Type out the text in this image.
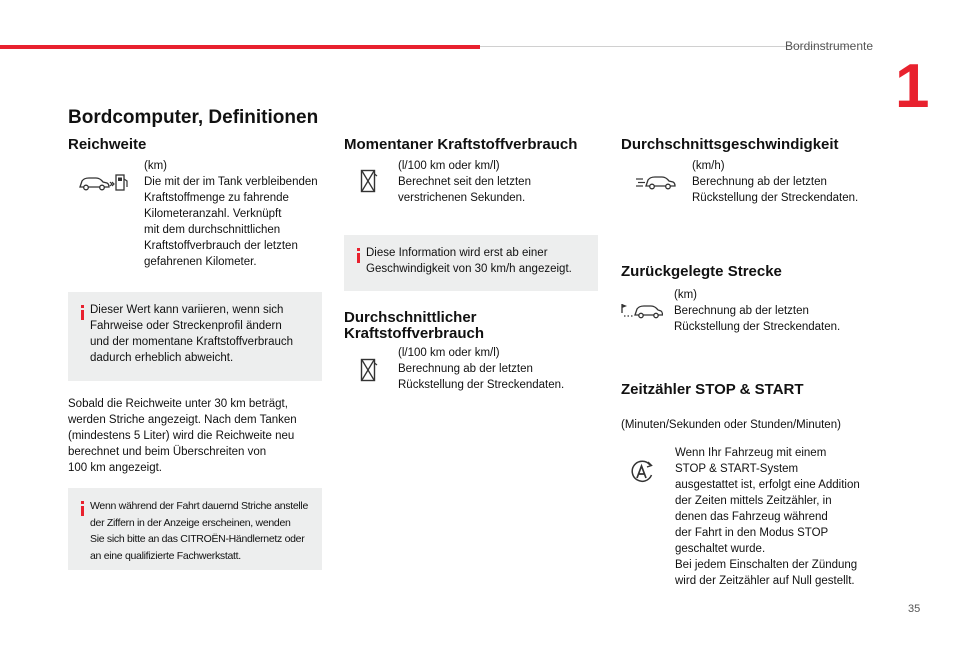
Bordinstrumente
1
Bordcomputer, Definitionen
Reichweite

(km)

Die mit der im Tank verbleibenden

Kraftstoffmenge zu fahrende

Kilometeranzahl. Verknüpft

mit dem durchschnittlichen

Kraftstoffverbrauch der letzten

gefahrenen Kilometer.

Dieser Wert kann variieren, wenn sich

Fahrweise oder Streckenprofil ändern

und der momentane Kraftstoffverbrauch

dadurch erheblich abweicht.

Sobald die Reichweite unter 30 km beträgt,

werden Striche angezeigt. Nach dem Tanken

(mindestens 5 Liter) wird die Reichweite neu

berechnet und beim Überschreiten von

100 km angezeigt.

Wenn während der Fahrt dauernd Striche anstelle

der Ziffern in der Anzeige erscheinen, wenden

Sie sich bitte an das CITROËN-Händlernetz oder

an eine qualifizierte Fachwerkstatt.

Momentaner Kraftstoffverbrauch

(l/100 km oder km/l)

Berechnet seit den letzten

verstrichenen Sekunden.

Diese Information wird erst ab einer

Geschwindigkeit von 30 km/h angezeigt.

Durchschnittlicher
Kraftstoffverbrauch

(l/100 km oder km/l)

Berechnung ab der letzten

Rückstellung der Streckendaten.

Durchschnittsgeschwindigkeit

(km/h)

Berechnung ab der letzten

Rückstellung der Streckendaten.

Zurückgelegte Strecke

(km)

Berechnung ab der letzten

Rückstellung der Streckendaten.

Zeitzähler STOP & START
(Minuten/Sekunden oder Stunden/Minuten)

Wenn Ihr Fahrzeug mit einem

STOP & START-System

ausgestattet ist, erfolgt eine Addition

der Zeiten mittels Zeitzähler, in

denen das Fahrzeug während

der Fahrt in den Modus STOP

geschaltet wurde.

Bei jedem Einschalten der Zündung

wird der Zeitzähler auf Null gestellt.

35
